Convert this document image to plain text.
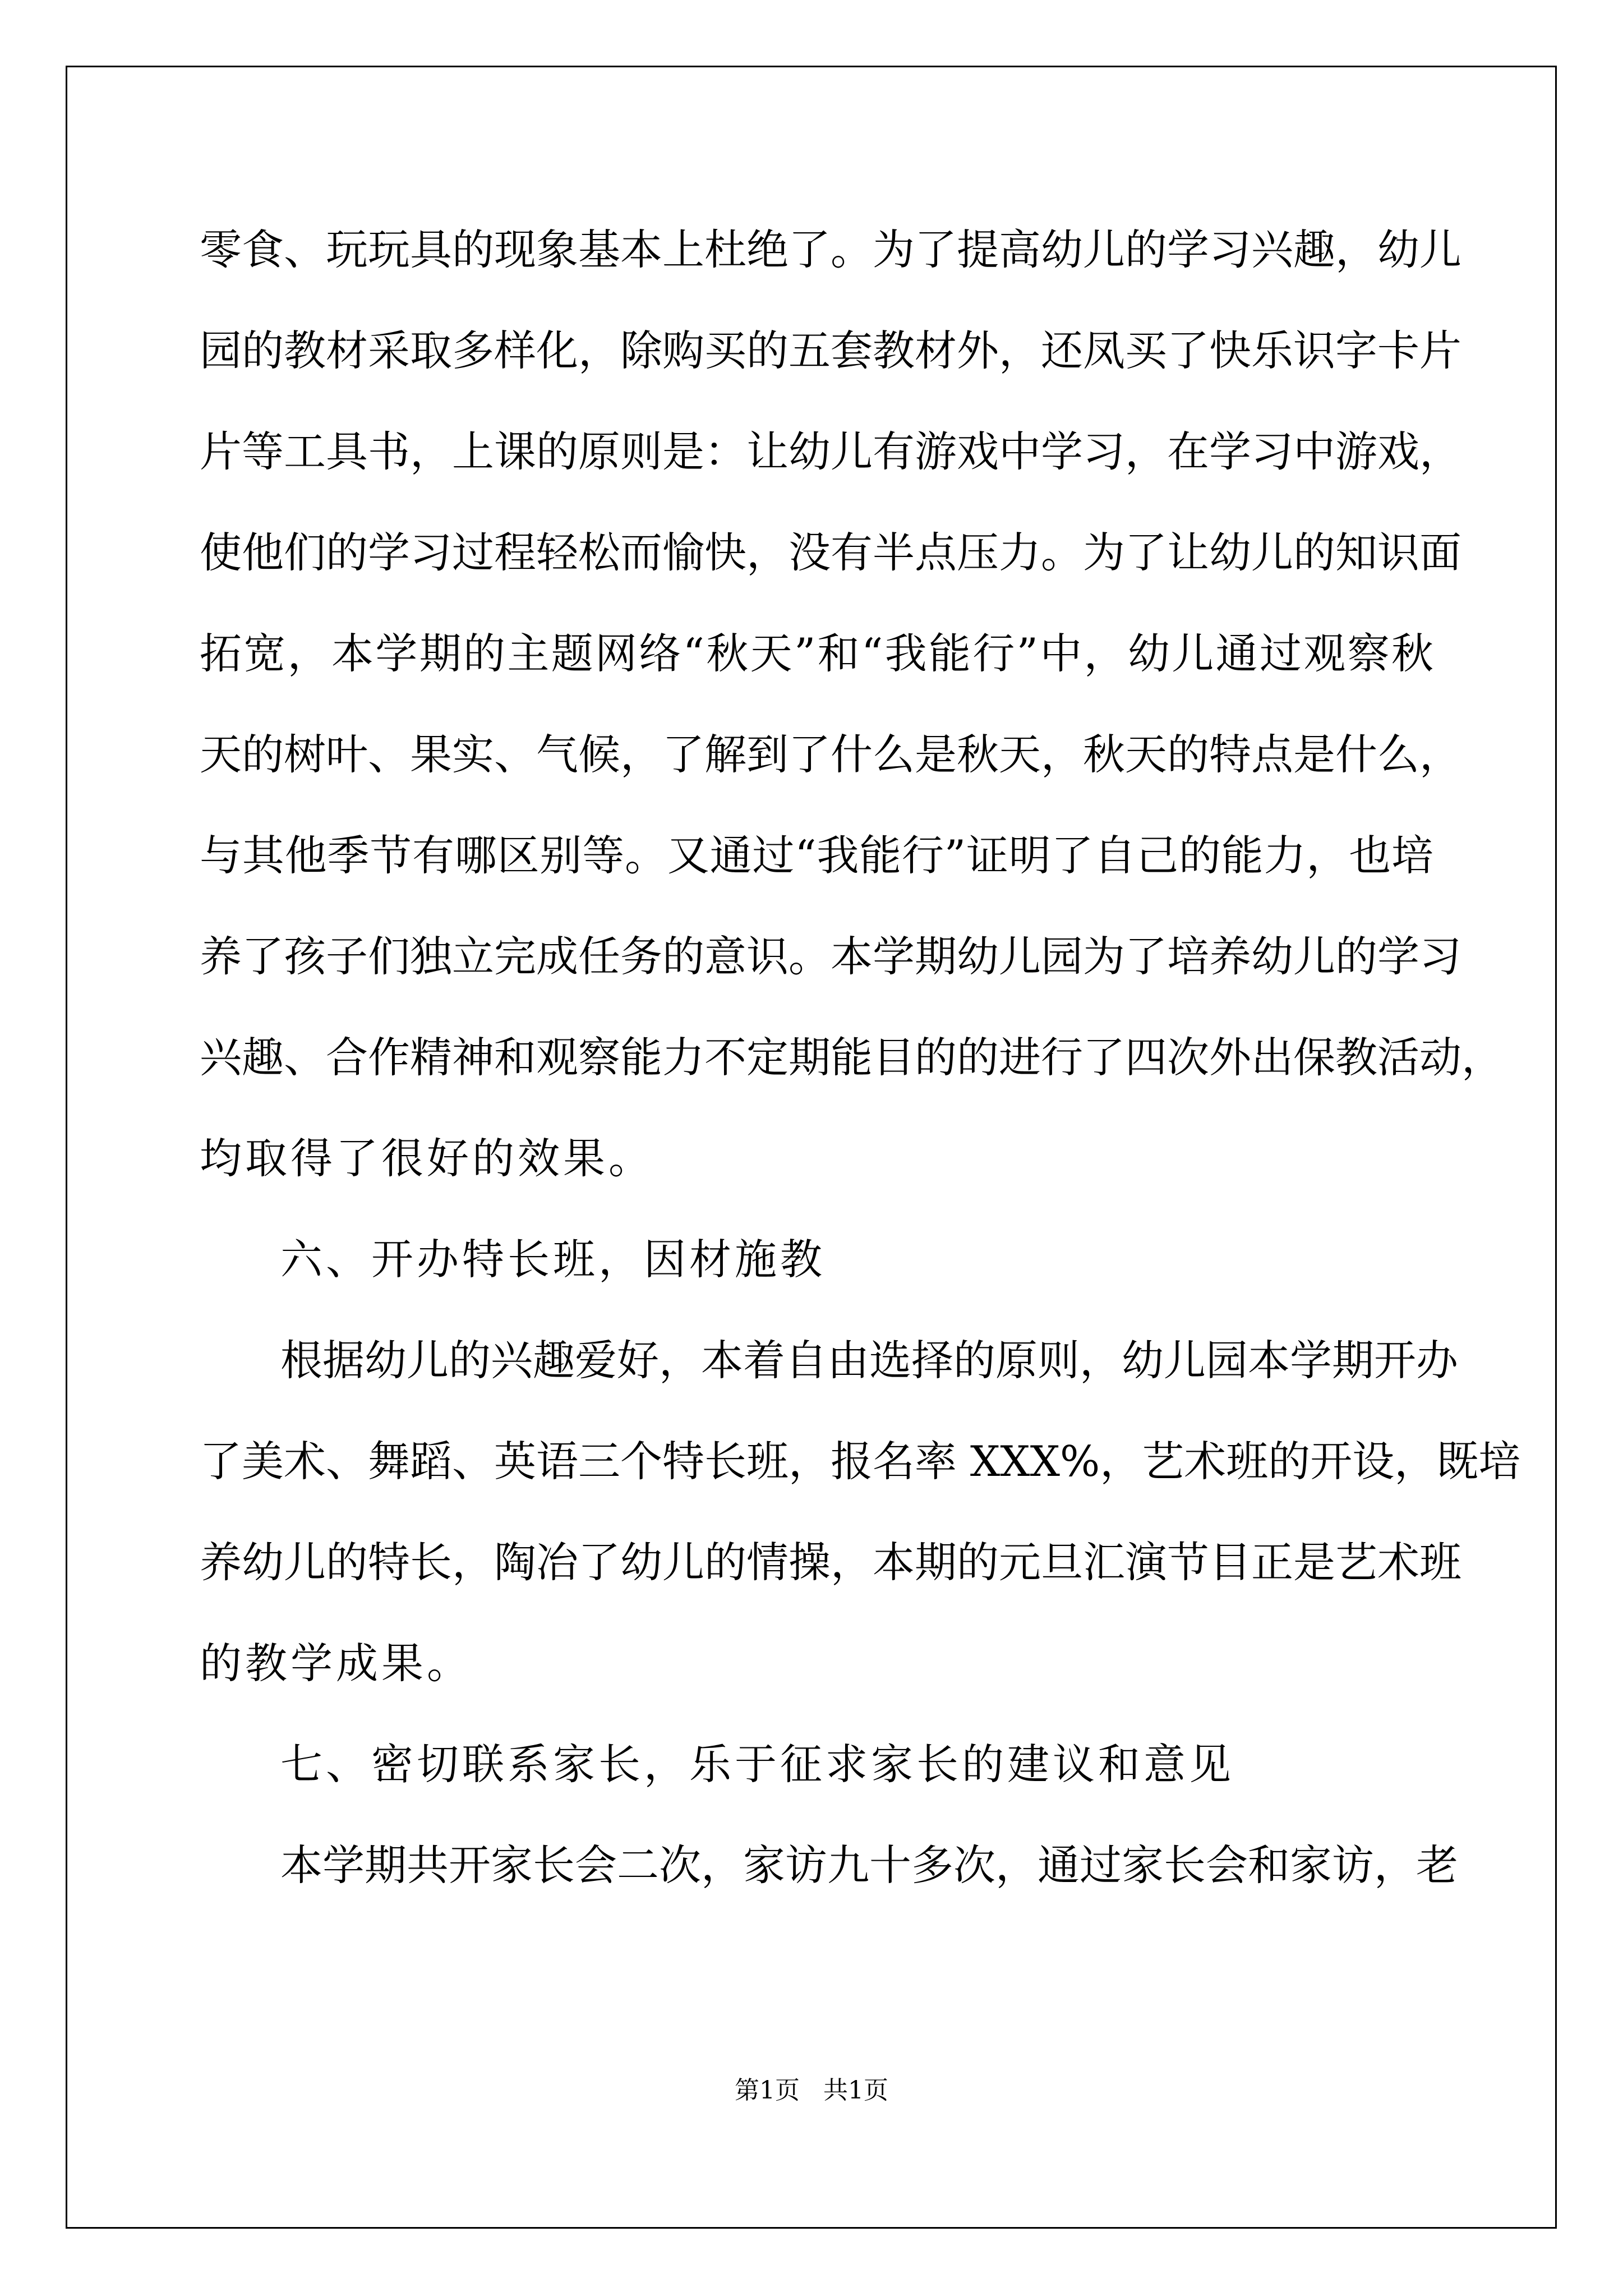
零食、玩玩具的现象基本上杜绝了。为了提高幼儿的学习兴趣，幼儿
园的教材采取多样化，除购买的五套教材外，还凤买了快乐识字卡片
片等工具书，上课的原则是：让幼儿有游戏中学习，在学习中游戏，
使他们的学习过程轻松而愉快，没有半点压力。为了让幼儿的知识面
拓宽，本学期的主题网络“秋天”和“我能行”中，幼儿通过观察秋
天的树叶、果实、气候，了解到了什么是秋天，秋天的特点是什么，
与其他季节有哪区别等。又通过“我能行”证明了自己的能力，也培
养了孩子们独立完成任务的意识。本学期幼儿园为了培养幼儿的学习
兴趣、合作精神和观察能力不定期能目的的进行了四次外出保教活动，
均取得了很好的效果。
六、开办特长班，因材施教
根据幼儿的兴趣爱好，本着自由选择的原则，幼儿园本学期开办
了美术、舞蹈、英语三个特长班，报名率 XXX%，艺术班的开设，既培
养幼儿的特长，陶冶了幼儿的情操，本期的元旦汇演节目正是艺术班
的教学成果。
七、密切联系家长，乐于征求家长的建议和意见
本学期共开家长会二次，家访九十多次，通过家长会和家访，老
第1页   共1页
